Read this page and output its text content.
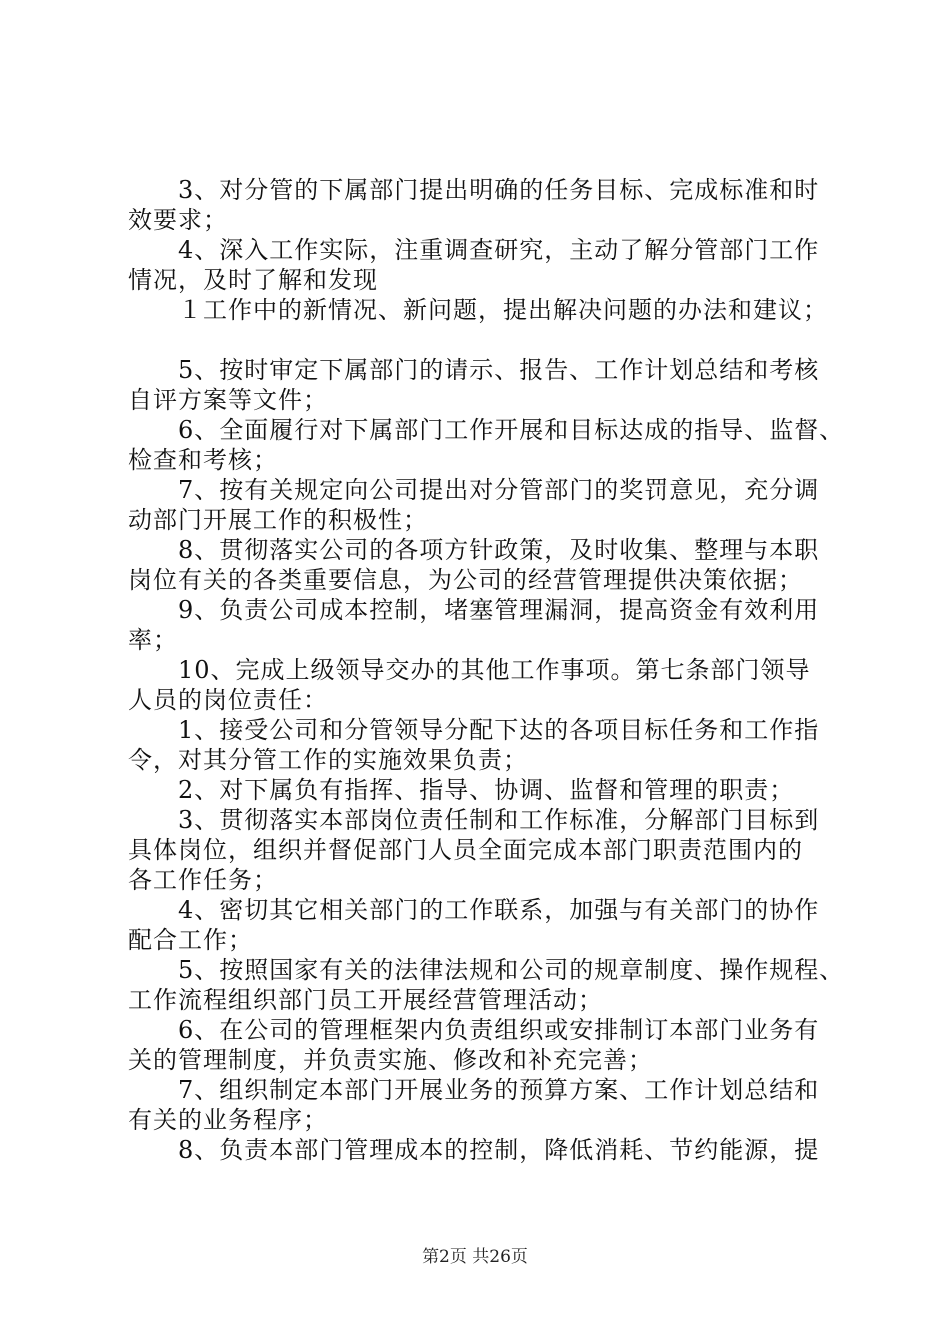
　　3、对分管的下属部门提出明确的任务目标、完成标准和时
效要求；
　　4、深入工作实际，注重调查研究，主动了解分管部门工作
情况，及时了解和发现
　　１工作中的新情况、新问题，提出解决问题的办法和建议；
　　5、按时审定下属部门的请示、报告、工作计划总结和考核
自评方案等文件；
　　6、全面履行对下属部门工作开展和目标达成的指导、监督、
检查和考核；
　　7、按有关规定向公司提出对分管部门的奖罚意见，充分调
动部门开展工作的积极性；
　　8、贯彻落实公司的各项方针政策，及时收集、整理与本职
岗位有关的各类重要信息，为公司的经营管理提供决策依据；
　　9、负责公司成本控制，堵塞管理漏洞，提高资金有效利用
率；
　　10、完成上级领导交办的其他工作事项。第七条部门领导
人员的岗位责任：
　　1、接受公司和分管领导分配下达的各项目标任务和工作指
令，对其分管工作的实施效果负责；
　　2、对下属负有指挥、指导、协调、监督和管理的职责；
　　3、贯彻落实本部岗位责任制和工作标准，分解部门目标到
具体岗位，组织并督促部门人员全面完成本部门职责范围内的
各工作任务；
　　4、密切其它相关部门的工作联系，加强与有关部门的协作
配合工作；
　　5、按照国家有关的法律法规和公司的规章制度、操作规程、
工作流程组织部门员工开展经营管理活动；
　　6、在公司的管理框架内负责组织或安排制订本部门业务有
关的管理制度，并负责实施、修改和补充完善；
　　7、组织制定本部门开展业务的预算方案、工作计划总结和
有关的业务程序；
　　8、负责本部门管理成本的控制，降低消耗、节约能源，提
第2页 共26页
